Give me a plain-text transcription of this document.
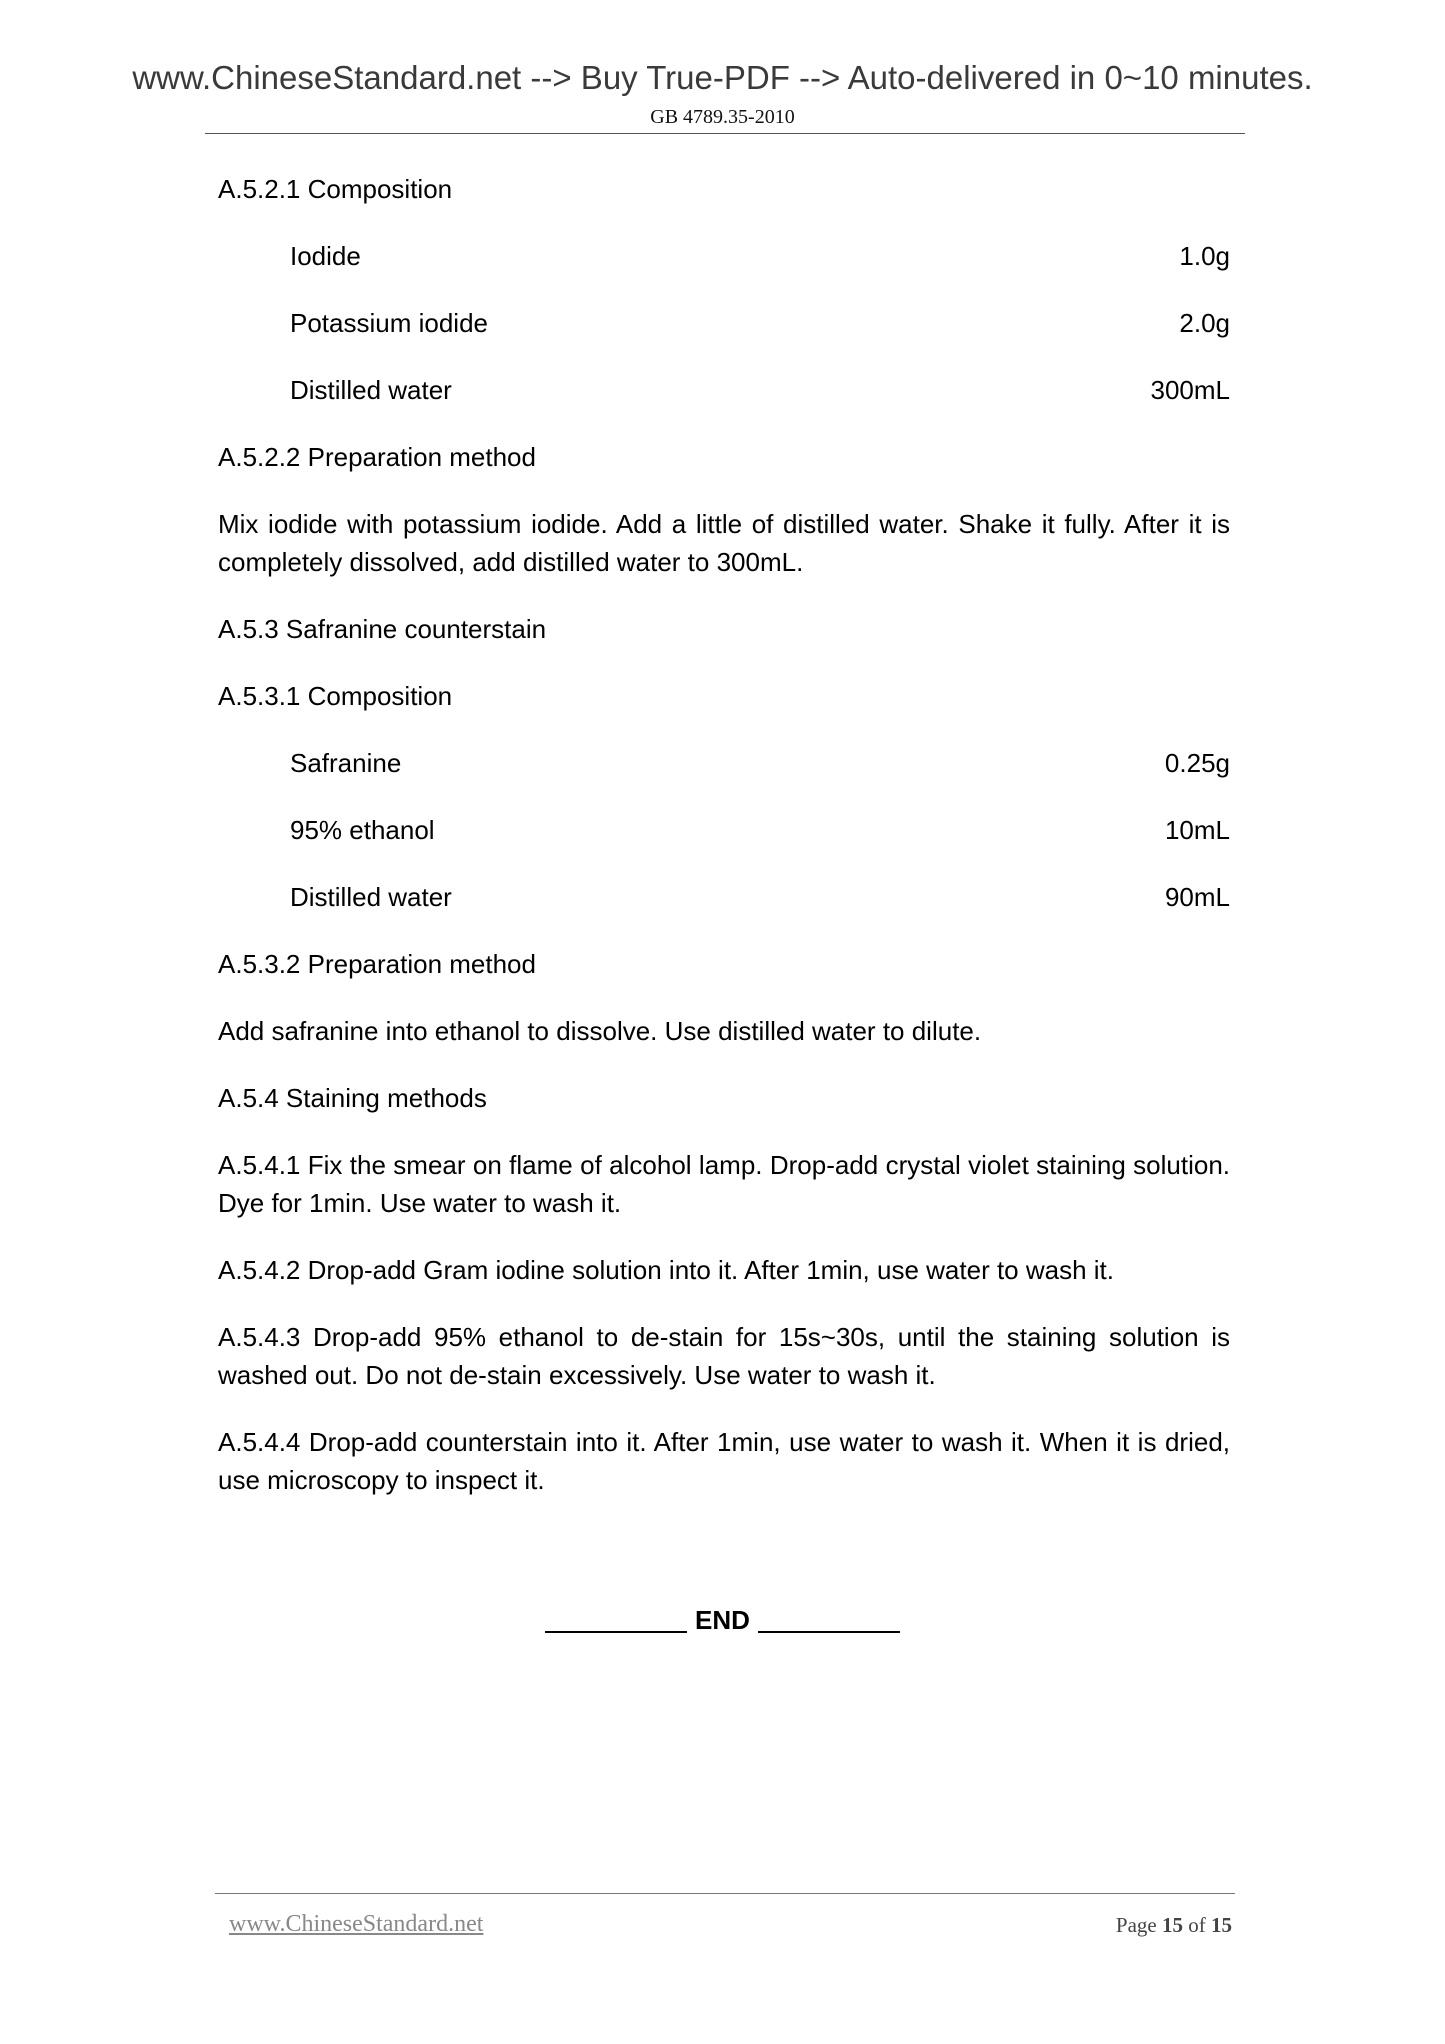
www.ChineseStandard.net --> Buy True-PDF --> Auto-delivered in 0~10 minutes.
GB 4789.35-2010
A.5.2.1 Composition
Iodide	1.0g
Potassium iodide	2.0g
Distilled water	300mL
A.5.2.2 Preparation method
Mix iodide with potassium iodide. Add a little of distilled water. Shake it fully. After it is completely dissolved, add distilled water to 300mL.
A.5.3 Safranine counterstain
A.5.3.1 Composition
Safranine	0.25g
95% ethanol	10mL
Distilled water	90mL
A.5.3.2 Preparation method
Add safranine into ethanol to dissolve. Use distilled water to dilute.
A.5.4 Staining methods
A.5.4.1 Fix the smear on flame of alcohol lamp. Drop-add crystal violet staining solution. Dye for 1min. Use water to wash it.
A.5.4.2 Drop-add Gram iodine solution into it. After 1min, use water to wash it.
A.5.4.3 Drop-add 95% ethanol to de-stain for 15s~30s, until the staining solution is washed out. Do not de-stain excessively. Use water to wash it.
A.5.4.4 Drop-add counterstain into it. After 1min, use water to wash it. When it is dried, use microscopy to inspect it.
END
www.ChineseStandard.net	Page 15 of 15
